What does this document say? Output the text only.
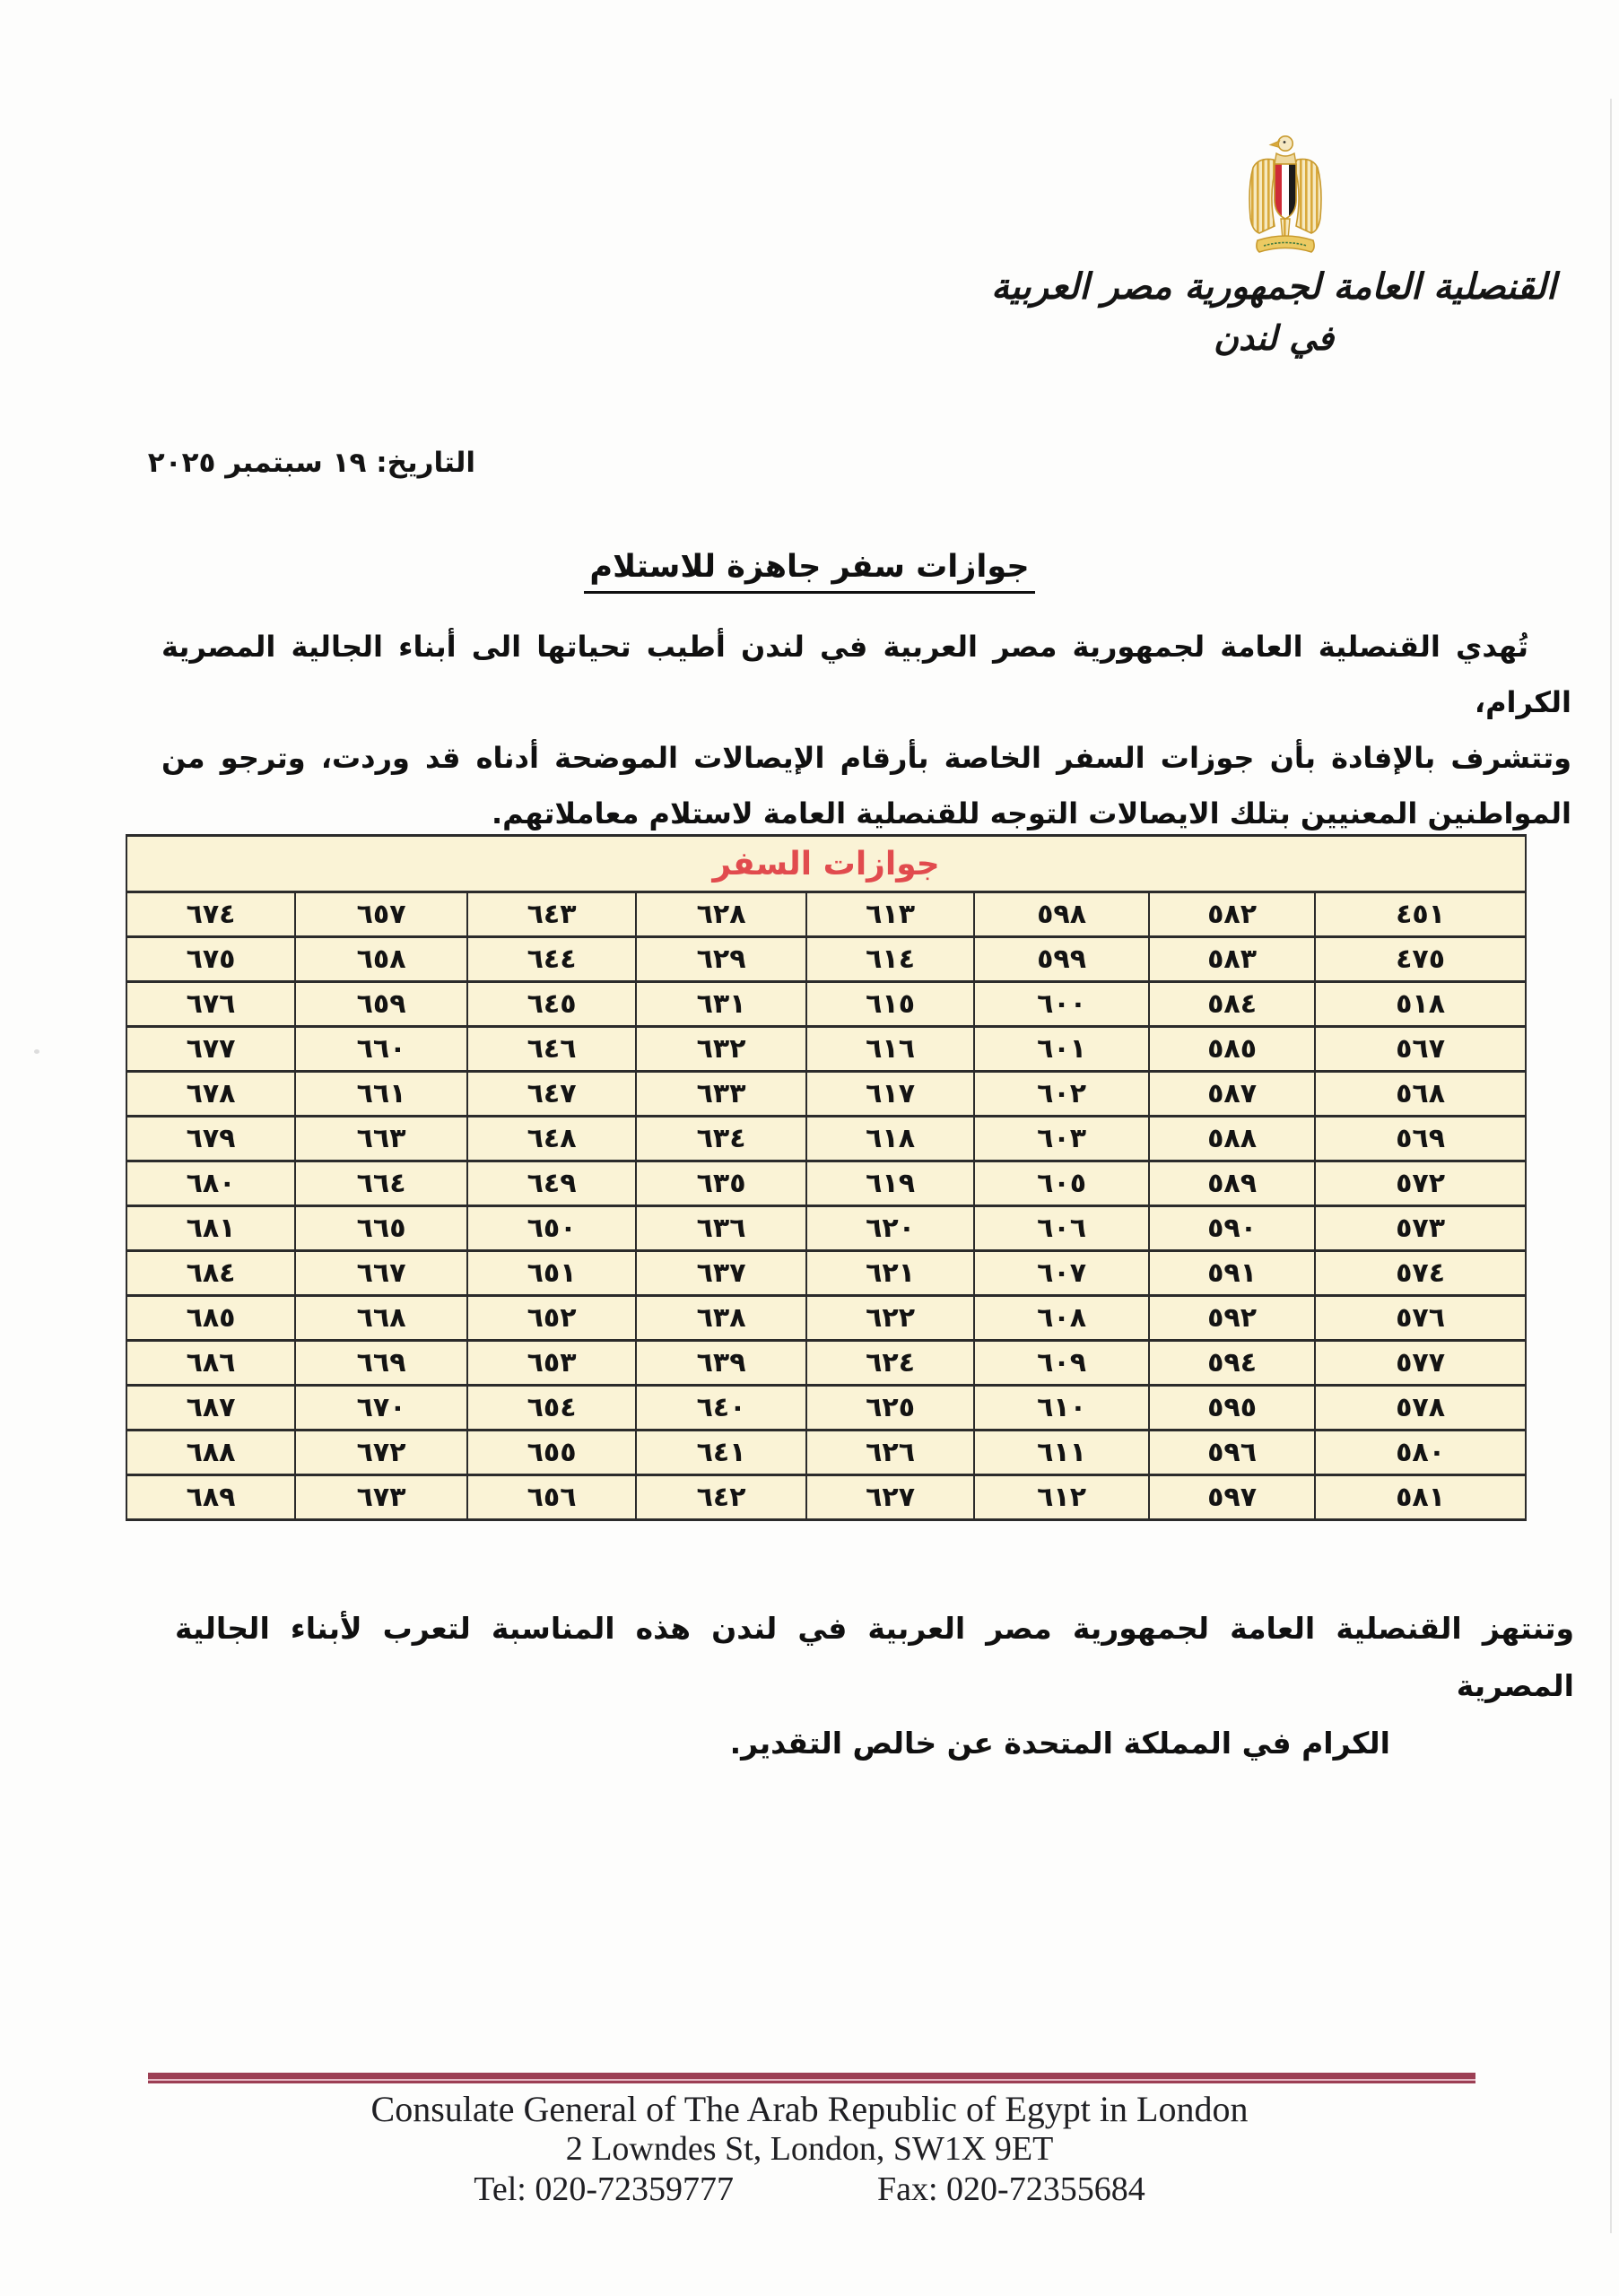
القنصلية العامة لجمهورية مصر العربية
في لندن
التاريخ: ١٩ سبتمبر ٢٠٢٥
جوازات سفر جاهزة للاستلام
تُهدي القنصلية العامة لجمهورية مصر العربية في لندن أطيب تحياتها الى أبناء الجالية المصرية الكرام،
وتتشرف بالإفادة بأن جوزات السفر الخاصة بأرقام الإيصالات الموضحة أدناه قد وردت، وترجو من
المواطنين المعنيين بتلك الايصالات التوجه للقنصلية العامة لاستلام معاملاتهم.
جوازات السفر							
٤٥١	٥٨٢	٥٩٨	٦١٣	٦٢٨	٦٤٣	٦٥٧	٦٧٤
٤٧٥	٥٨٣	٥٩٩	٦١٤	٦٢٩	٦٤٤	٦٥٨	٦٧٥
٥١٨	٥٨٤	٦٠٠	٦١٥	٦٣١	٦٤٥	٦٥٩	٦٧٦
٥٦٧	٥٨٥	٦٠١	٦١٦	٦٣٢	٦٤٦	٦٦٠	٦٧٧
٥٦٨	٥٨٧	٦٠٢	٦١٧	٦٣٣	٦٤٧	٦٦١	٦٧٨
٥٦٩	٥٨٨	٦٠٣	٦١٨	٦٣٤	٦٤٨	٦٦٣	٦٧٩
٥٧٢	٥٨٩	٦٠٥	٦١٩	٦٣٥	٦٤٩	٦٦٤	٦٨٠
٥٧٣	٥٩٠	٦٠٦	٦٢٠	٦٣٦	٦٥٠	٦٦٥	٦٨١
٥٧٤	٥٩١	٦٠٧	٦٢١	٦٣٧	٦٥١	٦٦٧	٦٨٤
٥٧٦	٥٩٢	٦٠٨	٦٢٢	٦٣٨	٦٥٢	٦٦٨	٦٨٥
٥٧٧	٥٩٤	٦٠٩	٦٢٤	٦٣٩	٦٥٣	٦٦٩	٦٨٦
٥٧٨	٥٩٥	٦١٠	٦٢٥	٦٤٠	٦٥٤	٦٧٠	٦٨٧
٥٨٠	٥٩٦	٦١١	٦٢٦	٦٤١	٦٥٥	٦٧٢	٦٨٨
٥٨١	٥٩٧	٦١٢	٦٢٧	٦٤٢	٦٥٦	٦٧٣	٦٨٩
وتنتهز القنصلية العامة لجمهورية مصر العربية في لندن هذه المناسبة لتعرب لأبناء الجالية المصرية
الكرام في المملكة المتحدة عن خالص التقدير.
Consulate General of The Arab Republic of Egypt in London
2 Lowndes St, London, SW1X 9ET
Tel: 020-72359777	Fax: 020-72355684
